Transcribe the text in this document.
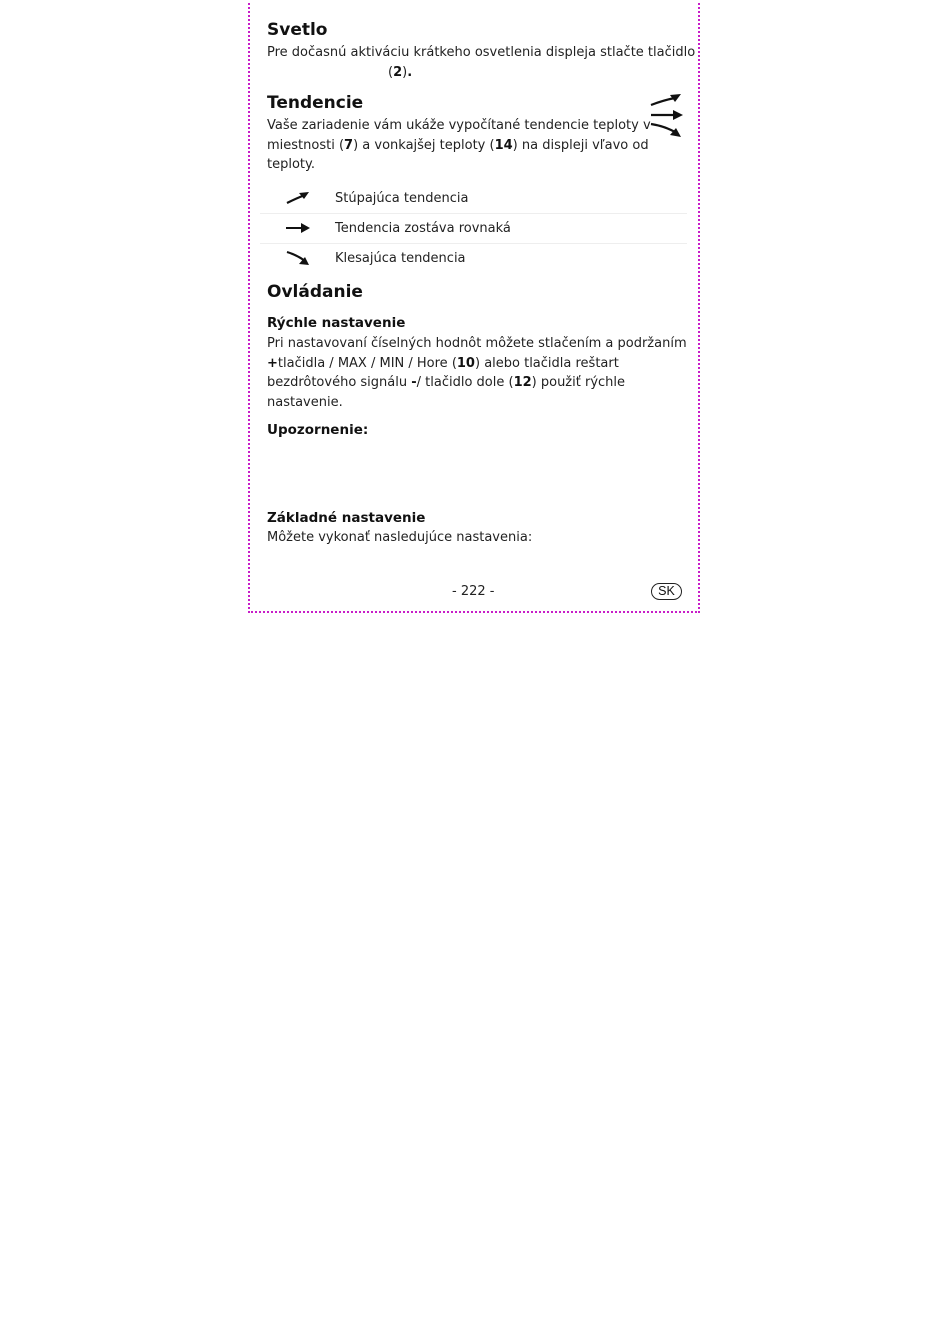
Svetlo
Pre dočasnú aktiváciu krátkeho osvetlenia displeja stlačte tlačidlo
(2).
Tendencie
Vaše zariadenie vám ukáže vypočítané tendencie teploty v
miestnosti (7) a vonkajšej teploty (14) na displeji vľavo od
teploty.
Stúpajúca tendencia
Tendencia zostáva rovnaká
Klesajúca tendencia
Ovládanie
Rýchle nastavenie
Pri nastavovaní číselných hodnôt môžete stlačením a podržaním
+tlačidla / MAX / MIN / Hore (10) alebo tlačidla reštart
bezdrôtového signálu -/ tlačidlo dole (12) použiť rýchle
nastavenie.
Upozornenie:
Základné nastavenie
Môžete vykonať nasledujúce nastavenia:
- 222 -	SK
